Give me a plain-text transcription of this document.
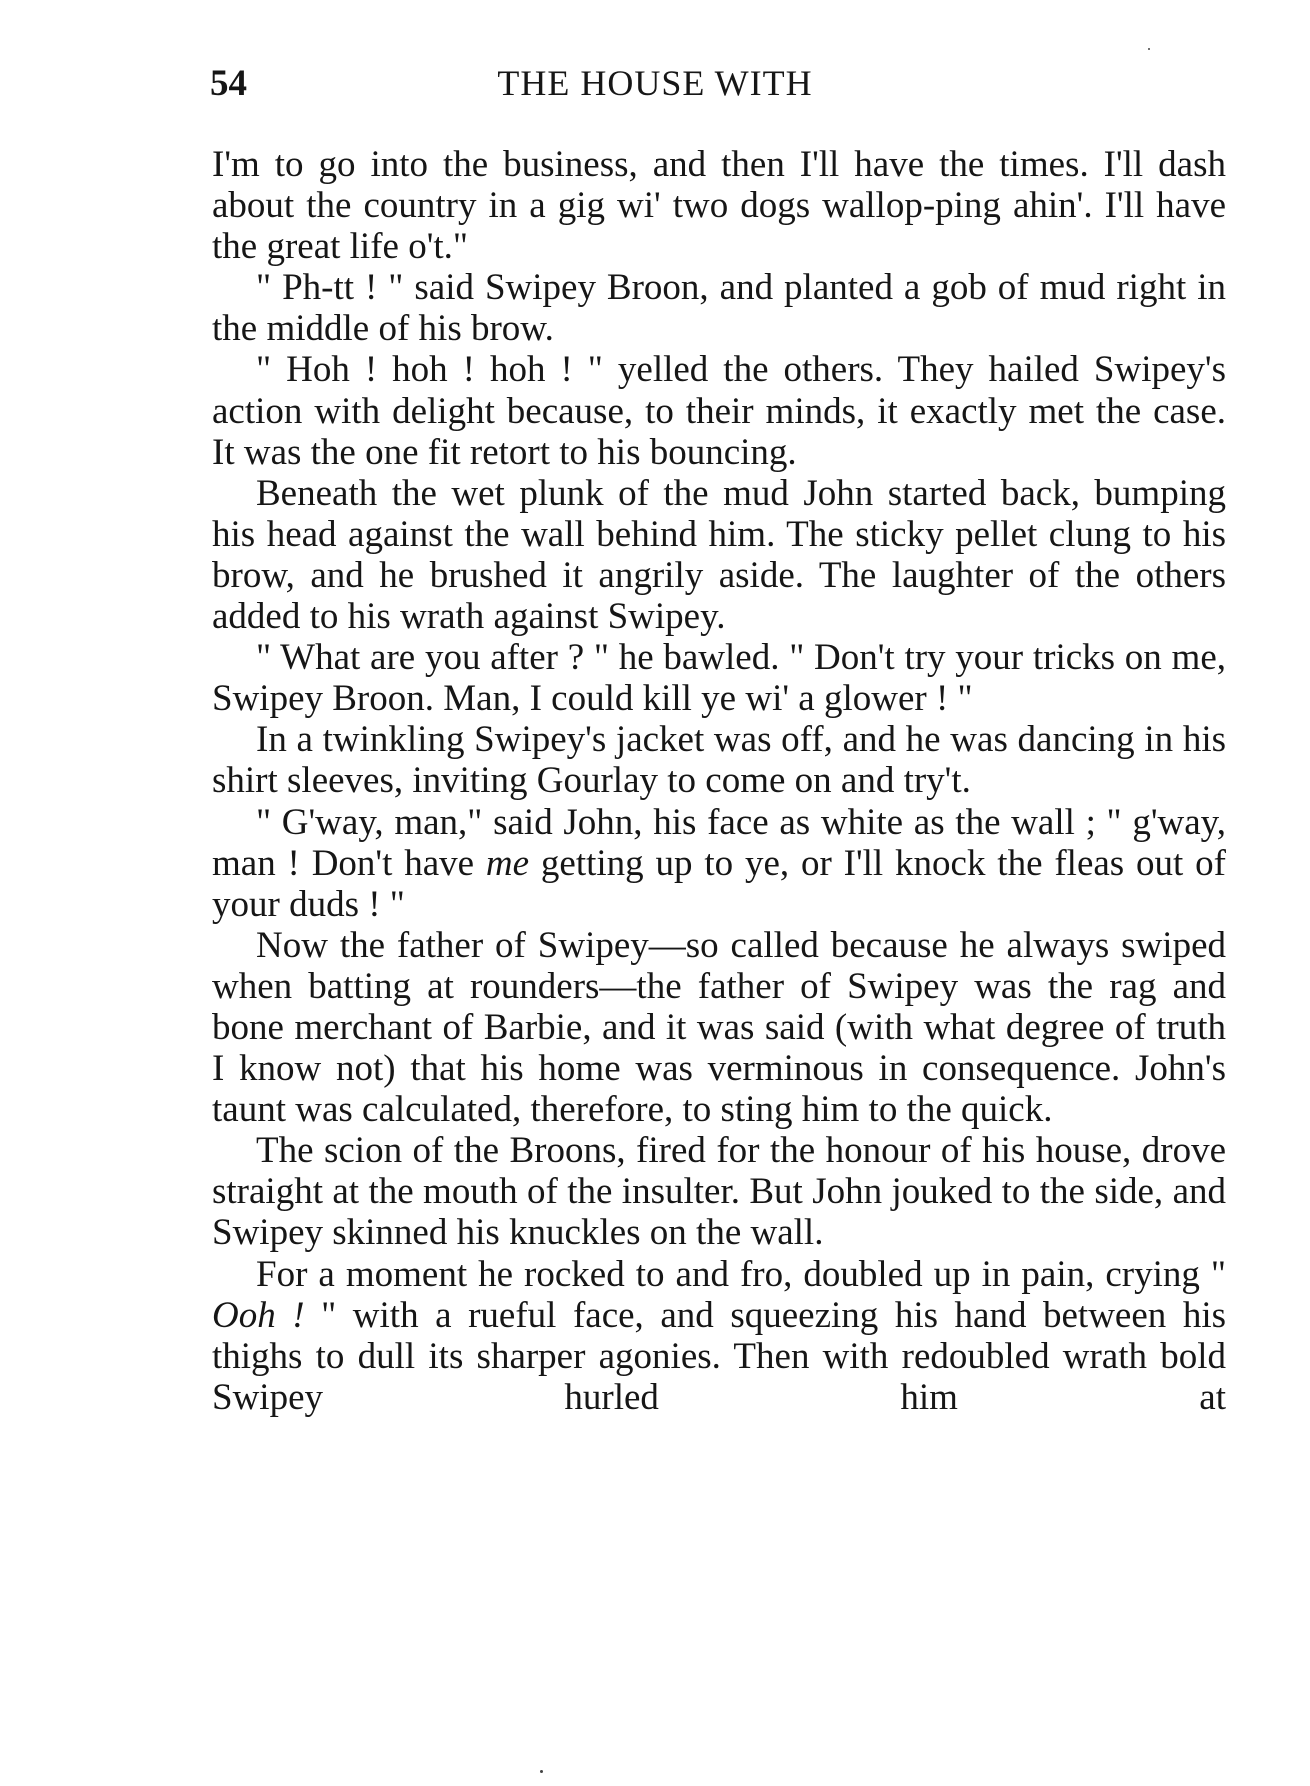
54	THE HOUSE WITH

I'm to go into the business, and then I'll have the times. I'll dash about the country in a gig wi' two dogs wallop-ping ahin'. I'll have the great life o't."

" Ph-tt ! " said Swipey Broon, and planted a gob of mud right in the middle of his brow.

" Hoh ! hoh ! hoh ! " yelled the others. They hailed Swipey's action with delight because, to their minds, it exactly met the case. It was the one fit retort to his bouncing.

Beneath the wet plunk of the mud John started back, bumping his head against the wall behind him. The sticky pellet clung to his brow, and he brushed it angrily aside. The laughter of the others added to his wrath against Swipey.

" What are you after ? " he bawled. " Don't try your tricks on me, Swipey Broon. Man, I could kill ye wi' a glower ! "

In a twinkling Swipey's jacket was off, and he was dancing in his shirt sleeves, inviting Gourlay to come on and try't.

" G'way, man," said John, his face as white as the wall ; " g'way, man ! Don't have me getting up to ye, or I'll knock the fleas out of your duds ! "

Now the father of Swipey—so called because he always swiped when batting at rounders—the father of Swipey was the rag and bone merchant of Barbie, and it was said (with what degree of truth I know not) that his home was verminous in consequence. John's taunt was calculated, therefore, to sting him to the quick.

The scion of the Broons, fired for the honour of his house, drove straight at the mouth of the insulter. But John jouked to the side, and Swipey skinned his knuckles on the wall.

For a moment he rocked to and fro, doubled up in pain, crying " Ooh ! " with a rueful face, and squeezing his hand between his thighs to dull its sharper agonies. Then with redoubled wrath bold Swipey hurled him at
